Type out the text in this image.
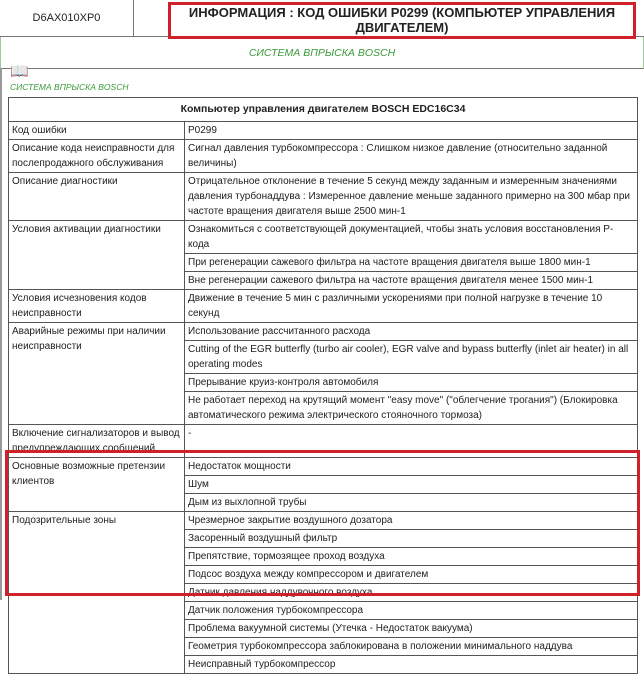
D6AX010XP0	ИНФОРМАЦИЯ : КОД ОШИБКИ P0299 (КОМПЬЮТЕР УПРАВЛЕНИЯ ДВИГАТЕЛЕМ)
СИСТЕМА ВПРЫСКА BOSCH
📖
СИСТЕМА ВПРЫСКА BOSCH
Компьютер управления двигателем BOSCH EDC16C34	
Код ошибки	P0299
Описание кода неисправности для послепродажного обслуживания	Сигнал давления турбокомпрессора : Слишком низкое давление (относительно заданной величины)
Описание диагностики	Отрицательное отклонение в течение 5 секунд между заданным и измеренным значениями давления турбонаддува : Измеренное давление меньше заданного примерно на 300 мбар при частоте вращения двигателя выше 2500 мин-1
Условия активации диагностики	Ознакомиться с соответствующей документацией, чтобы знать условия восстановления P-кода
	При регенерации сажевого фильтра на частоте вращения двигателя выше 1800 мин-1
	Вне регенерации сажевого фильтра на частоте вращения двигателя менее 1500 мин-1
Условия исчезновения кодов неисправности	Движение в течение 5 мин с различными ускорениями при полной нагрузке в течение 10 секунд
Аварийные режимы при наличии неисправности	Использование рассчитанного расхода
	Cutting of the EGR butterfly (turbo air cooler), EGR valve and bypass butterfly (inlet air heater) in all operating modes
	Прерывание круиз-контроля автомобиля
	Не работает переход на крутящий момент "easy move" ("облегчение трогания") (Блокировка автоматического режима электрического стояночного тормоза)
Включение сигнализаторов и вывод предупреждающих сообщений	-
Основные возможные претензии клиентов	Недостаток мощности
	Шум
	Дым из выхлопной трубы
Подозрительные зоны	Чрезмерное закрытие воздушного дозатора
	Засоренный воздушный фильтр
	Препятствие, тормозящее проход воздуха
	Подсос воздуха между компрессором и двигателем
	Датчик давления наддувочного воздуха
	Датчик положения турбокомпрессора
	Проблема вакуумной системы (Утечка - Недостаток вакуума)
	Геометрия турбокомпрессора заблокирована в положении минимального наддува
	Неисправный турбокомпрессор
